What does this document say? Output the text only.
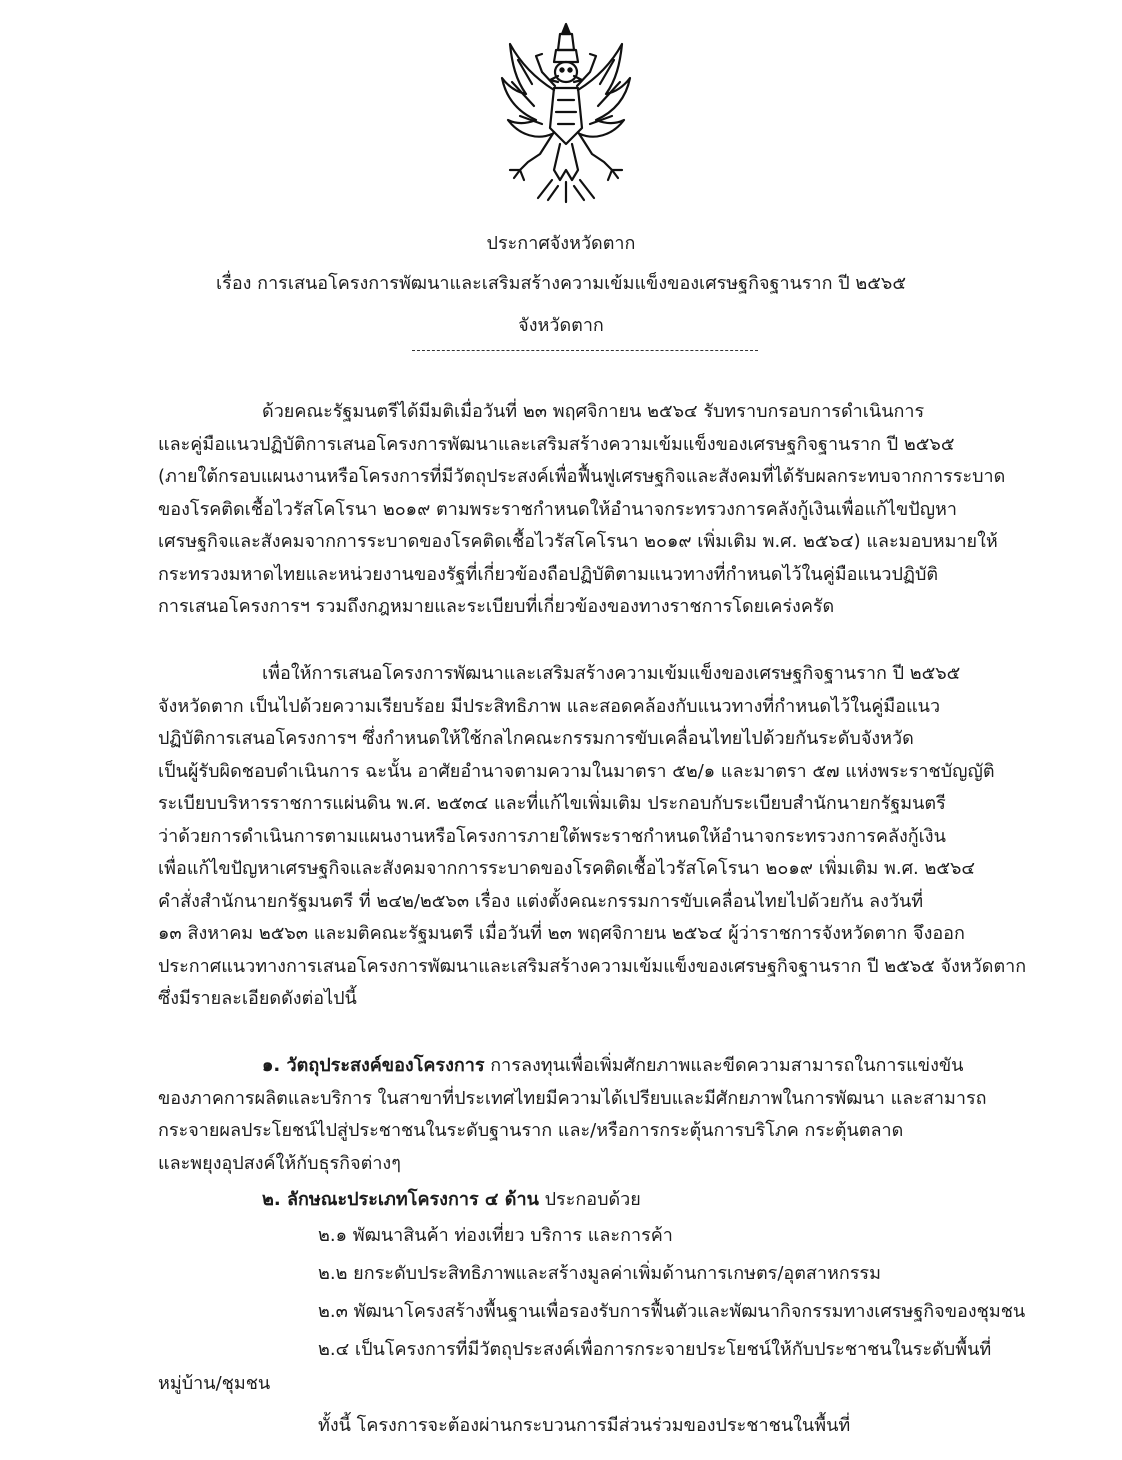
ประกาศจังหวัดตาก
เรื่อง การเสนอโครงการพัฒนาและเสริมสร้างความเข้มแข็งของเศรษฐกิจฐานราก ปี ๒๕๖๕
จังหวัดตาก
ด้วยคณะรัฐมนตรีได้มีมติเมื่อวันที่ ๒๓ พฤศจิกายน ๒๕๖๔ รับทราบกรอบการดำเนินการ
และคู่มือแนวปฏิบัติการเสนอโครงการพัฒนาและเสริมสร้างความเข้มแข็งของเศรษฐกิจฐานราก ปี ๒๕๖๕
(ภายใต้กรอบแผนงานหรือโครงการที่มีวัตถุประสงค์เพื่อฟื้นฟูเศรษฐกิจและสังคมที่ได้รับผลกระทบจากการระบาด
ของโรคติดเชื้อไวรัสโคโรนา ๒๐๑๙ ตามพระราชกำหนดให้อำนาจกระทรวงการคลังกู้เงินเพื่อแก้ไขปัญหา
เศรษฐกิจและสังคมจากการระบาดของโรคติดเชื้อไวรัสโคโรนา ๒๐๑๙ เพิ่มเติม พ.ศ. ๒๕๖๔) และมอบหมายให้
กระทรวงมหาดไทยและหน่วยงานของรัฐที่เกี่ยวข้องถือปฏิบัติตามแนวทางที่กำหนดไว้ในคู่มือแนวปฏิบัติ
การเสนอโครงการฯ รวมถึงกฎหมายและระเบียบที่เกี่ยวข้องของทางราชการโดยเคร่งครัด
เพื่อให้การเสนอโครงการพัฒนาและเสริมสร้างความเข้มแข็งของเศรษฐกิจฐานราก ปี ๒๕๖๕
จังหวัดตาก เป็นไปด้วยความเรียบร้อย มีประสิทธิภาพ และสอดคล้องกับแนวทางที่กำหนดไว้ในคู่มือแนว
ปฏิบัติการเสนอโครงการฯ ซึ่งกำหนดให้ใช้กลไกคณะกรรมการขับเคลื่อนไทยไปด้วยกันระดับจังหวัด
เป็นผู้รับผิดชอบดำเนินการ ฉะนั้น อาศัยอำนาจตามความในมาตรา ๕๒/๑ และมาตรา ๕๗ แห่งพระราชบัญญัติ
ระเบียบบริหารราชการแผ่นดิน พ.ศ. ๒๕๓๔ และที่แก้ไขเพิ่มเติม ประกอบกับระเบียบสำนักนายกรัฐมนตรี
ว่าด้วยการดำเนินการตามแผนงานหรือโครงการภายใต้พระราชกำหนดให้อำนาจกระทรวงการคลังกู้เงิน
เพื่อแก้ไขปัญหาเศรษฐกิจและสังคมจากการระบาดของโรคติดเชื้อไวรัสโคโรนา ๒๐๑๙ เพิ่มเติม พ.ศ. ๒๕๖๔
คำสั่งสำนักนายกรัฐมนตรี ที่ ๒๔๒/๒๕๖๓ เรื่อง แต่งตั้งคณะกรรมการขับเคลื่อนไทยไปด้วยกัน ลงวันที่
๑๓ สิงหาคม ๒๕๖๓ และมติคณะรัฐมนตรี เมื่อวันที่ ๒๓ พฤศจิกายน ๒๕๖๔ ผู้ว่าราชการจังหวัดตาก จึงออก
ประกาศแนวทางการเสนอโครงการพัฒนาและเสริมสร้างความเข้มแข็งของเศรษฐกิจฐานราก ปี ๒๕๖๕ จังหวัดตาก
ซึ่งมีรายละเอียดดังต่อไปนี้
๑. วัตถุประสงค์ของโครงการ การลงทุนเพื่อเพิ่มศักยภาพและขีดความสามารถในการแข่งขัน
ของภาคการผลิตและบริการ ในสาขาที่ประเทศไทยมีความได้เปรียบและมีศักยภาพในการพัฒนา และสามารถ
กระจายผลประโยชน์ไปสู่ประชาชนในระดับฐานราก และ/หรือการกระตุ้นการบริโภค กระตุ้นตลาด
และพยุงอุปสงค์ให้กับธุรกิจต่างๆ
๒. ลักษณะประเภทโครงการ ๔ ด้าน ประกอบด้วย
๒.๑ พัฒนาสินค้า ท่องเที่ยว บริการ และการค้า
๒.๒ ยกระดับประสิทธิภาพและสร้างมูลค่าเพิ่มด้านการเกษตร/อุตสาหกรรม
๒.๓ พัฒนาโครงสร้างพื้นฐานเพื่อรองรับการฟื้นตัวและพัฒนากิจกรรมทางเศรษฐกิจของชุมชน
๒.๔ เป็นโครงการที่มีวัตถุประสงค์เพื่อการกระจายประโยชน์ให้กับประชาชนในระดับพื้นที่
หมู่บ้าน/ชุมชน
ทั้งนี้ โครงการจะต้องผ่านกระบวนการมีส่วนร่วมของประชาชนในพื้นที่
